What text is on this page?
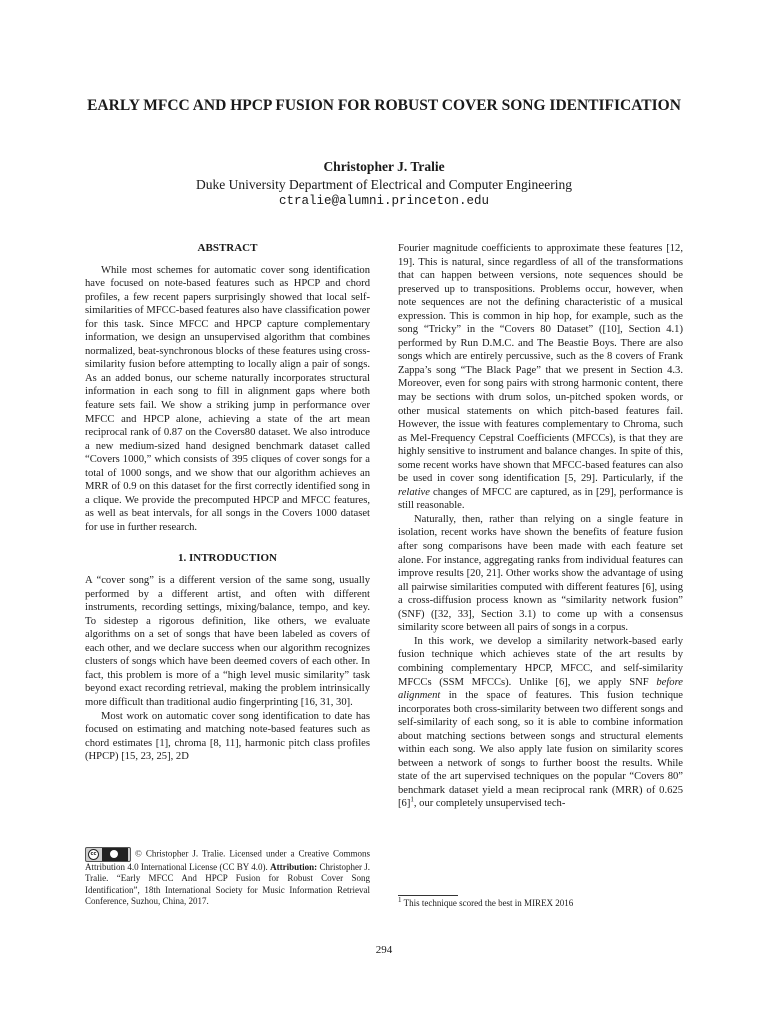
EARLY MFCC AND HPCP FUSION FOR ROBUST COVER SONG IDENTIFICATION
Christopher J. Tralie
Duke University Department of Electrical and Computer Engineering
ctralie@alumni.princeton.edu
ABSTRACT

While most schemes for automatic cover song identification have focused on note-based features such as HPCP and chord profiles, a few recent papers surprisingly showed that local self-similarities of MFCC-based features also have classification power for this task. Since MFCC and HPCP capture complementary information, we design an unsupervised algorithm that combines normalized, beat-synchronous blocks of these features using cross-similarity fusion before attempting to locally align a pair of songs. As an added bonus, our scheme naturally incorporates structural information in each song to fill in alignment gaps where both feature sets fail. We show a striking jump in performance over MFCC and HPCP alone, achieving a state of the art mean reciprocal rank of 0.87 on the Covers80 dataset. We also introduce a new medium-sized hand designed benchmark dataset called “Covers 1000,” which consists of 395 cliques of cover songs for a total of 1000 songs, and we show that our algorithm achieves an MRR of 0.9 on this dataset for the first correctly identified song in a clique. We provide the precomputed HPCP and MFCC features, as well as beat intervals, for all songs in the Covers 1000 dataset for use in further research.

1. INTRODUCTION

A “cover song” is a different version of the same song, usually performed by a different artist, and often with different instruments, recording settings, mixing/balance, tempo, and key. To sidestep a rigorous definition, like others, we evaluate algorithms on a set of songs that have been labeled as covers of each other, and we declare success when our algorithm recognizes clusters of songs which have been deemed covers of each other. In fact, this problem is more of a “high level music similarity” task beyond exact recording retrieval, making the problem intrinsically more difficult than traditional audio fingerprinting [16, 31, 30].

Most work on automatic cover song identification to date has focused on estimating and matching note-based features such as chord estimates [1], chroma [8, 11], harmonic pitch class profiles (HPCP) [15, 23, 25], 2D

cc	© Christopher J. Tralie. Licensed under a Creative Commons Attribution 4.0 International License (CC BY 4.0). Attribution: Christopher J. Tralie. “Early MFCC And HPCP Fusion for Robust Cover Song Identification”, 18th International Society for Music Information Retrieval Conference, Suzhou, China, 2017.

Fourier magnitude coefficients to approximate these features [12, 19]. This is natural, since regardless of all of the transformations that can happen between versions, note sequences should be preserved up to transpositions. Problems occur, however, when note sequences are not the defining characteristic of a musical expression. This is common in hip hop, for example, such as the song “Tricky” in the “Covers 80 Dataset” ([10], Section 4.1) performed by Run D.M.C. and The Beastie Boys. There are also songs which are entirely percussive, such as the 8 covers of Frank Zappa’s song “The Black Page” that we present in Section 4.3. Moreover, even for song pairs with strong harmonic content, there may be sections with drum solos, un-pitched spoken words, or other musical statements on which pitch-based features fail. However, the issue with features complementary to Chroma, such as Mel-Frequency Cepstral Coefficients (MFCCs), is that they are highly sensitive to instrument and balance changes. In spite of this, some recent works have shown that MFCC-based features can also be used in cover song identification [5, 29]. Particularly, if the relative changes of MFCC are captured, as in [29], performance is still reasonable.

Naturally, then, rather than relying on a single feature in isolation, recent works have shown the benefits of feature fusion after song comparisons have been made with each feature set alone. For instance, aggregating ranks from individual features can improve results [20, 21]. Other works show the advantage of using all pairwise similarities computed with different features [6], using a cross-diffusion process known as “similarity network fusion” (SNF) ([32, 33], Section 3.1) to come up with a consensus similarity score between all pairs of songs in a corpus.

In this work, we develop a similarity network-based early fusion technique which achieves state of the art results by combining complementary HPCP, MFCC, and self-similarity MFCCs (SSM MFCCs). Unlike [6], we apply SNF before alignment in the space of features. This fusion technique incorporates both cross-similarity between two different songs and self-similarity of each song, so it is able to combine information about matching sections between songs and structural elements within each song. We also apply late fusion on similarity scores between a network of songs to further boost the results. While state of the art supervised techniques on the popular “Covers 80” benchmark dataset yield a mean reciprocal rank (MRR) of 0.625 $[6]^1$, our completely unsupervised tech-

$^1$ This technique scored the best in MIREX 2016
294
